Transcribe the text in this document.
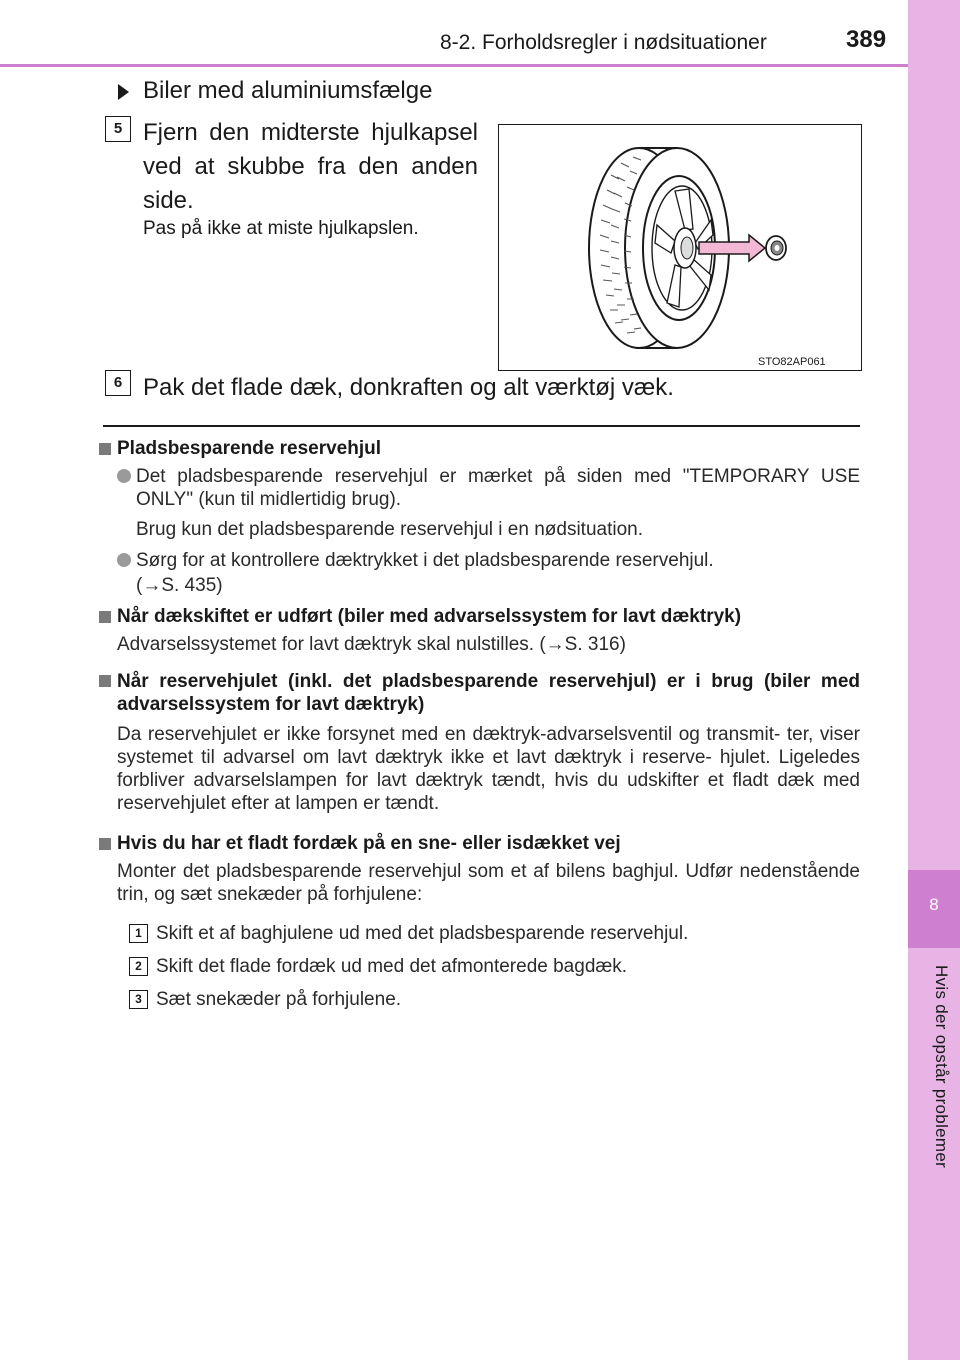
8
Hvis der opstår problemer
8-2. Forholdsregler i nødsituationer	389
Biler med aluminiumsfælge
5 Fjern den midterste hjulkapsel ved at skubbe fra den anden side.
Pas på ikke at miste hjulkapslen.
STO82AP061
6 Pak det flade dæk, donkraften og alt værktøj væk.
Pladsbesparende reservehjul
Det pladsbesparende reservehjul er mærket på siden med "TEMPORARY USE ONLY" (kun til midlertidig brug).
Brug kun det pladsbesparende reservehjul i en nødsituation.
Sørg for at kontrollere dæktrykket i det pladsbesparende reservehjul.
(→S. 435)
Når dækskiftet er udført (biler med advarselssystem for lavt dæktryk)
Advarselssystemet for lavt dæktryk skal nulstilles. (→S. 316)
Når reservehjulet (inkl. det pladsbesparende reservehjul) er i brug (biler med advarselssystem for lavt dæktryk)
Da reservehjulet er ikke forsynet med en dæktryk-advarselsventil og transmit- ter, viser systemet til advarsel om lavt dæktryk ikke et lavt dæktryk i reserve- hjulet. Ligeledes forbliver advarselslampen for lavt dæktryk tændt, hvis du udskifter et fladt dæk med reservehjulet efter at lampen er tændt.
Hvis du har et fladt fordæk på en sne- eller isdækket vej
Monter det pladsbesparende reservehjul som et af bilens baghjul. Udfør nedenstående trin, og sæt snekæder på forhjulene:
1 Skift et af baghjulene ud med det pladsbesparende reservehjul.
2 Skift det flade fordæk ud med det afmonterede bagdæk.
3 Sæt snekæder på forhjulene.
